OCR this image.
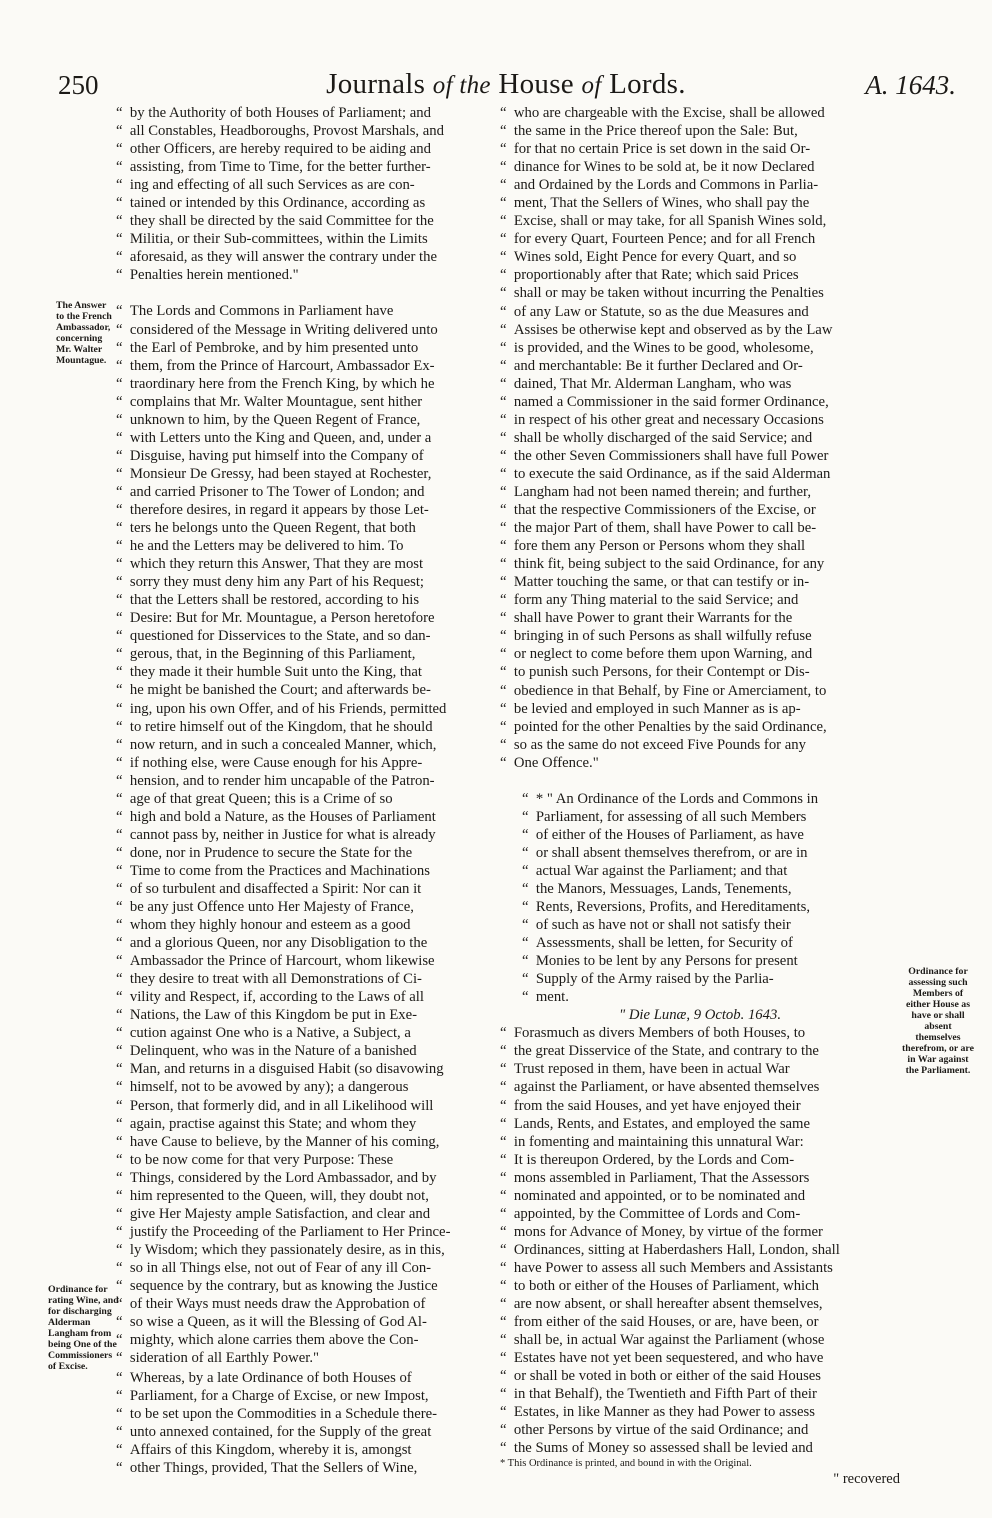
250	Journals of the House of Lords.	A. 1643.
The Answer to the French Ambassador, concerning Mr. Walter Mountague.
Ordinance for rating Wine, and for discharging Alderman Langham from being One of the Commissioners of Excise.
Ordinance for assessing such Members of either House as have or shall absent themselves therefrom, or are in War against the Parliament.
“  by the Authority of both Houses of Parliament; and
“  all Constables, Headboroughs, Provost Marshals, and
“  other Officers, are hereby required to be aiding and
“  assisting, from Time to Time, for the better further-
“  ing and effecting of all such Services as are con-
“  tained or intended by this Ordinance, according as
“  they shall be directed by the said Committee for the
“  Militia, or their Sub-committees, within the Limits
“  aforesaid, as they will answer the contrary under the
“  Penalties herein mentioned."
“  The Lords and Commons in Parliament have
“  considered of the Message in Writing delivered unto
“  the Earl of Pembroke, and by him presented unto
“  them, from the Prince of Harcourt, Ambassador Ex-
“  traordinary here from the French King, by which he
“  complains that Mr. Walter Mountague, sent hither
“  unknown to him, by the Queen Regent of France,
“  with Letters unto the King and Queen, and, under a
“  Disguise, having put himself into the Company of
“  Monsieur De Gressy, had been stayed at Rochester,
“  and carried Prisoner to The Tower of London; and
“  therefore desires, in regard it appears by those Let-
“  ters he belongs unto the Queen Regent, that both
“  he and the Letters may be delivered to him. To
“  which they return this Answer, That they are most
“  sorry they must deny him any Part of his Request;
“  that the Letters shall be restored, according to his
“  Desire: But for Mr. Mountague, a Person heretofore
“  questioned for Disservices to the State, and so dan-
“  gerous, that, in the Beginning of this Parliament,
“  they made it their humble Suit unto the King, that
“  he might be banished the Court; and afterwards be-
“  ing, upon his own Offer, and of his Friends, permitted
“  to retire himself out of the Kingdom, that he should
“  now return, and in such a concealed Manner, which,
“  if nothing else, were Cause enough for his Appre-
“  hension, and to render him uncapable of the Patron-
“  age of that great Queen; this is a Crime of so
“  high and bold a Nature, as the Houses of Parliament
“  cannot pass by, neither in Justice for what is already
“  done, nor in Prudence to secure the State for the
“  Time to come from the Practices and Machinations
“  of so turbulent and disaffected a Spirit: Nor can it
“  be any just Offence unto Her Majesty of France,
“  whom they highly honour and esteem as a good
“  and a glorious Queen, nor any Disobligation to the
“  Ambassador the Prince of Harcourt, whom likewise
“  they desire to treat with all Demonstrations of Ci-
“  vility and Respect, if, according to the Laws of all
“  Nations, the Law of this Kingdom be put in Exe-
“  cution against One who is a Native, a Subject, a
“  Delinquent, who was in the Nature of a banished
“  Man, and returns in a disguised Habit (so disavowing
“  himself, not to be avowed by any); a dangerous
“  Person, that formerly did, and in all Likelihood will
“  again, practise against this State; and whom they
“  have Cause to believe, by the Manner of his coming,
“  to be now come for that very Purpose: These
“  Things, considered by the Lord Ambassador, and by
“  him represented to the Queen, will, they doubt not,
“  give Her Majesty ample Satisfaction, and clear and
“  justify the Proceeding of the Parliament to Her Prince-
“  ly Wisdom; which they passionately desire, as in this,
“  so in all Things else, not out of Fear of any ill Con-
“  sequence by the contrary, but as knowing the Justice
“  of their Ways must needs draw the Approbation of
“  so wise a Queen, as it will the Blessing of God Al-
“  mighty, which alone carries them above the Con-
“  sideration of all Earthly Power."
“  Whereas, by a late Ordinance of both Houses of
“  Parliament, for a Charge of Excise, or new Impost,
“  to be set upon the Commodities in a Schedule there-
“  unto annexed contained, for the Supply of the great
“  Affairs of this Kingdom, whereby it is, amongst
“  other Things, provided, That the Sellers of Wine,
“  who are chargeable with the Excise, shall be allowed
“  the same in the Price thereof upon the Sale: But,
“  for that no certain Price is set down in the said Or-
“  dinance for Wines to be sold at, be it now Declared
“  and Ordained by the Lords and Commons in Parlia-
“  ment, That the Sellers of Wines, who shall pay the
“  Excise, shall or may take, for all Spanish Wines sold,
“  for every Quart, Fourteen Pence; and for all French
“  Wines sold, Eight Pence for every Quart, and so
“  proportionably after that Rate; which said Prices
“  shall or may be taken without incurring the Penalties
“  of any Law or Statute, so as the due Measures and
“  Assises be otherwise kept and observed as by the Law
“  is provided, and the Wines to be good, wholesome,
“  and merchantable: Be it further Declared and Or-
“  dained, That Mr. Alderman Langham, who was
“  named a Commissioner in the said former Ordinance,
“  in respect of his other great and necessary Occasions
“  shall be wholly discharged of the said Service; and
“  the other Seven Commissioners shall have full Power
“  to execute the said Ordinance, as if the said Alderman
“  Langham had not been named therein; and further,
“  that the respective Commissioners of the Excise, or
“  the major Part of them, shall have Power to call be-
“  fore them any Person or Persons whom they shall
“  think fit, being subject to the said Ordinance, for any
“  Matter touching the same, or that can testify or in-
“  form any Thing material to the said Service; and
“  shall have Power to grant their Warrants for the
“  bringing in of such Persons as shall wilfully refuse
“  or neglect to come before them upon Warning, and
“  to punish such Persons, for their Contempt or Dis-
“  obedience in that Behalf, by Fine or Amerciament, to
“  be levied and employed in such Manner as is ap-
“  pointed for the other Penalties by the said Ordinance,
“  so as the same do not exceed Five Pounds for any
“  One Offence."
“  * " An Ordinance of the Lords and Commons in
“  Parliament, for assessing of all such Members
“  of either of the Houses of Parliament, as have
“  or shall absent themselves therefrom, or are in
“  actual War against the Parliament; and that
“  the Manors, Messuages, Lands, Tenements,
“  Rents, Reversions, Profits, and Hereditaments,
“  of such as have not or shall not satisfy their
“  Assessments, shall be letten, for Security of
“  Monies to be lent by any Persons for present
“  Supply of the Army raised by the Parlia-
“  ment.

" Die Lunæ, 9 Octob. 1643.

“  Forasmuch as divers Members of both Houses, to
“  the great Disservice of the State, and contrary to the
“  Trust reposed in them, have been in actual War
“  against the Parliament, or have absented themselves
“  from the said Houses, and yet have enjoyed their
“  Lands, Rents, and Estates, and employed the same
“  in fomenting and maintaining this unnatural War:
“  It is thereupon Ordered, by the Lords and Com-
“  mons assembled in Parliament, That the Assessors
“  nominated and appointed, or to be nominated and
“  appointed, by the Committee of Lords and Com-
“  mons for Advance of Money, by virtue of the former
“  Ordinances, sitting at Haberdashers Hall, London, shall
“  have Power to assess all such Members and Assistants
“  to both or either of the Houses of Parliament, which
“  are now absent, or shall hereafter absent themselves,
“  from either of the said Houses, or are, have been, or
“  shall be, in actual War against the Parliament (whose
“  Estates have not yet been sequestered, and who have
“  or shall be voted in both or either of the said Houses
“  in that Behalf), the Twentieth and Fifth Part of their
“  Estates, in like Manner as they had Power to assess
“  other Persons by virtue of the said Ordinance; and
“  the Sums of Money so assessed shall be levied and

* This Ordinance is printed, and bound in with the Original.

" recovered
